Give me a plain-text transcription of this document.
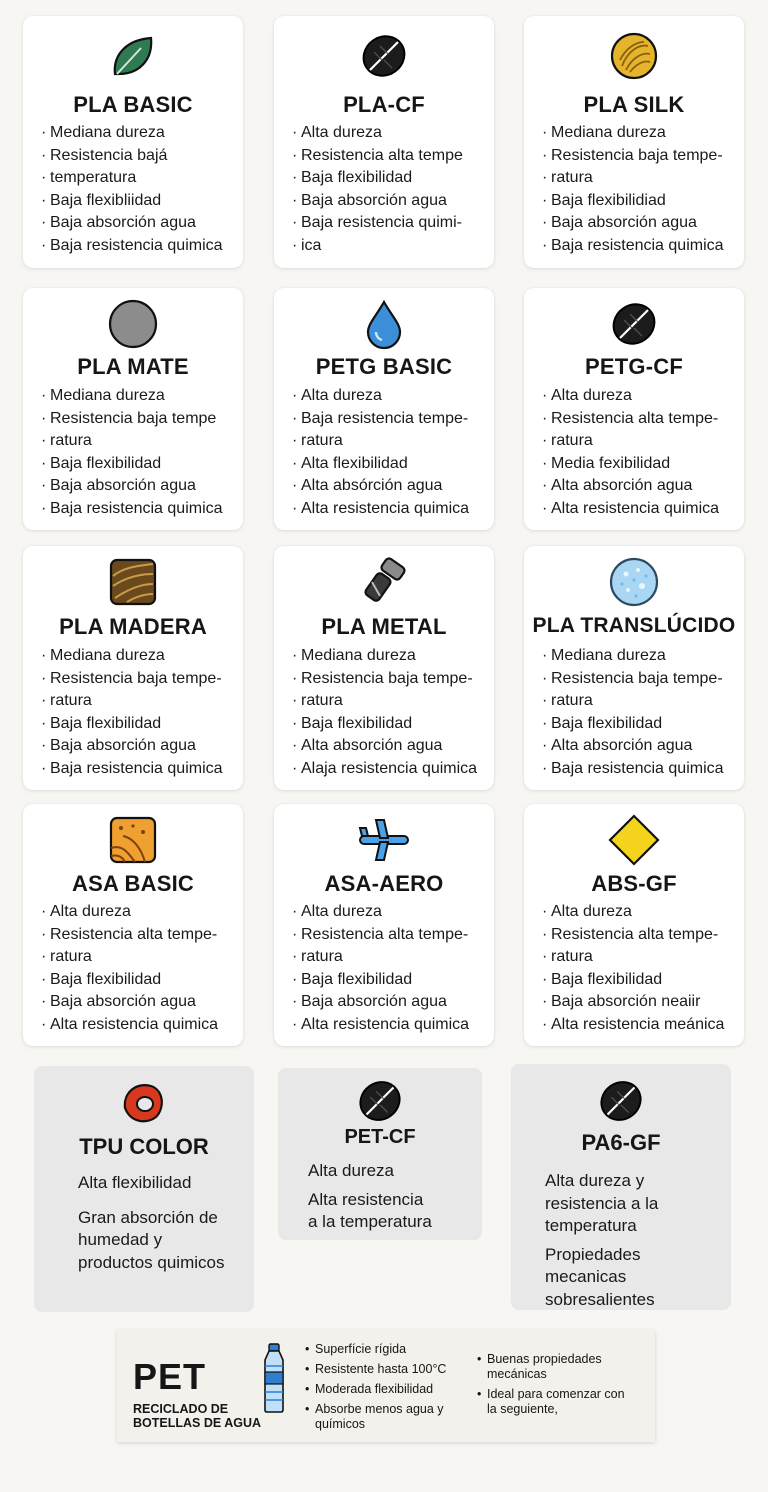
PLA BASIC
· Mediana dureza
· Resistencia bajá
· temperatura
· Baja flexibliidad
· Baja absorción agua
· Baja resistencia quimica
PLA-CF
· Alta dureza
· Resistencia alta tempe
· Baja flexibilidad
· Baja absorción agua
· Baja resistencia quimi-
· ica
PLA SILK
· Mediana dureza
· Resistencia baja tempe-
· ratura
· Baja flexibilidiad
· Baja absorción agua
· Baja resistencia quimica
PLA MATE
· Mediana dureza
· Resistencia baja tempe
· ratura
· Baja flexibilidad
· Baja absorción agua
· Baja resistencia quimica
PETG BASIC
· Alta dureza
· Baja resistencia tempe-
· ratura
· Alta flexibilidad
· Alta absórción agua
· Alta resistencia quimica
PETG-CF
· Alta dureza
· Resistencia alta tempe-
· ratura
· Media fexibilidad
· Alta absorción agua
· Alta resistencia quimica
PLA MADERA
· Mediana dureza
· Resistencia baja tempe-
· ratura
· Baja flexibilidad
· Baja absorción agua
· Baja resistencia quimica
PLA METAL
· Mediana dureza
· Resistencia baja tempe-
· ratura
· Baja flexibilidad
· Alta absorción agua
· Alaja resistencia quimica
PLA TRANSLÚCIDO
· Mediana dureza
· Resistencia baja tempe-
· ratura
· Baja flexibilidad
· Alta absorción agua
· Baja resistencia quimica
ASA BASIC
· Alta dureza
· Resistencia alta tempe-
· ratura
· Baja flexibilidad
· Baja absorción agua
· Alta resistencia quimica
ASA-AERO
· Alta dureza
· Resistencia alta tempe-
· ratura
· Baja flexibilidad
· Baja absorción agua
· Alta resistencia quimica
ABS-GF
· Alta dureza
· Resistencia alta tempe-
· ratura
· Baja flexibilidad
· Baja absorción neaiir
· Alta resistencia meánica
TPU COLOR

Alta flexibilidad

Gran absorción de

humedad y

productos quimicos

PET-CF

Alta dureza

Alta resistencia

a la temperatura

PA6-GF

Alta dureza y

resistencia a la

temperatura

Propiedades

mecanicas

sobresalientes

PET
RECICLADO DE
BOTELLAS DE AGUA
• Superfície rígida
• Resistente hasta 100°C
• Moderada flexibilidad
• Absorbe menos agua y químicos
• Buenas propiedades mecánicas
• Ideal para comenzar con la seguiente,
